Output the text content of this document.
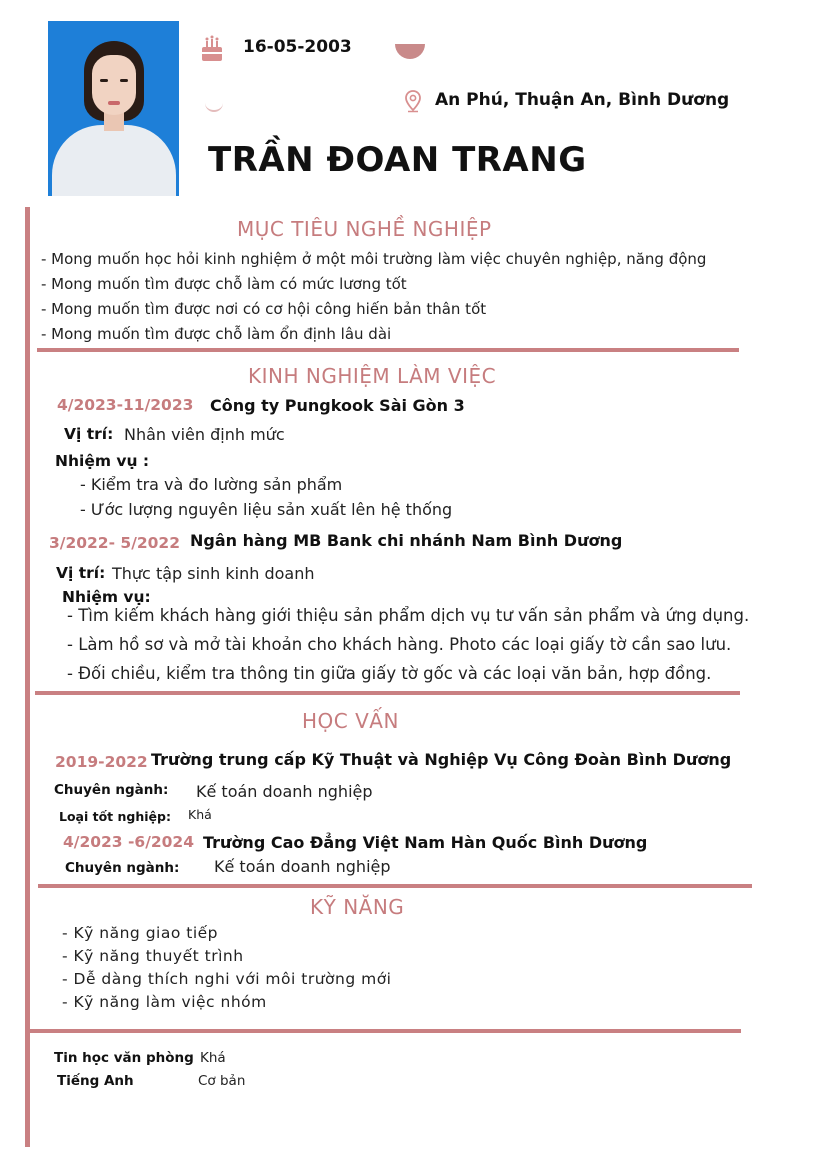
16-05-2003
An Phú, Thuận An, Bình Dương
TRẦN ĐOAN TRANG
MỤC TIÊU NGHỀ NGHIỆP
- Mong muốn học hỏi kinh nghiệm ở một môi trường làm việc chuyên nghiệp, năng động
- Mong muốn tìm được chỗ làm có mức lương tốt
- Mong muốn tìm được nơi có cơ hội công hiến bản thân tốt
- Mong muốn tìm được chỗ làm ổn định lâu dài
KINH NGHIỆM LÀM VIỆC
4/2023-11/2023 Công ty Pungkook Sài Gòn 3
Vị trí: Nhân viên định mức
Nhiệm vụ :
- Kiểm tra và đo lường sản phẩm
- Ước lượng nguyên liệu sản xuất lên hệ thống
3/2022- 5/2022 Ngân hàng MB Bank chi nhánh Nam Bình Dương
Vị trí: Thực tập sinh kinh doanh
Nhiệm vụ:
- Tìm kiếm khách hàng giới thiệu sản phẩm dịch vụ tư vấn sản phẩm và ứng dụng.
- Làm hồ sơ và mở tài khoản cho khách hàng. Photo các loại giấy tờ cần sao lưu.
- Đối chiều, kiểm tra thông tin giữa giấy tờ gốc và các loại văn bản, hợp đồng.
HỌC VẤN
2019-2022 Trường trung cấp Kỹ Thuật và Nghiệp Vụ Công Đoàn Bình Dương
Chuyên ngành: Kế toán doanh nghiệp
Loại tốt nghiệp: Khá
4/2023 -6/2024 Trường Cao Đẳng Việt Nam Hàn Quốc Bình Dương
Chuyên ngành: Kế toán doanh nghiệp
KỸ NĂNG
- Kỹ năng giao tiếp
- Kỹ năng thuyết trình
- Dễ dàng thích nghi với môi trường mới
- Kỹ năng làm việc nhóm
Tin học văn phòng Khá
Tiếng Anh	Cơ bản
